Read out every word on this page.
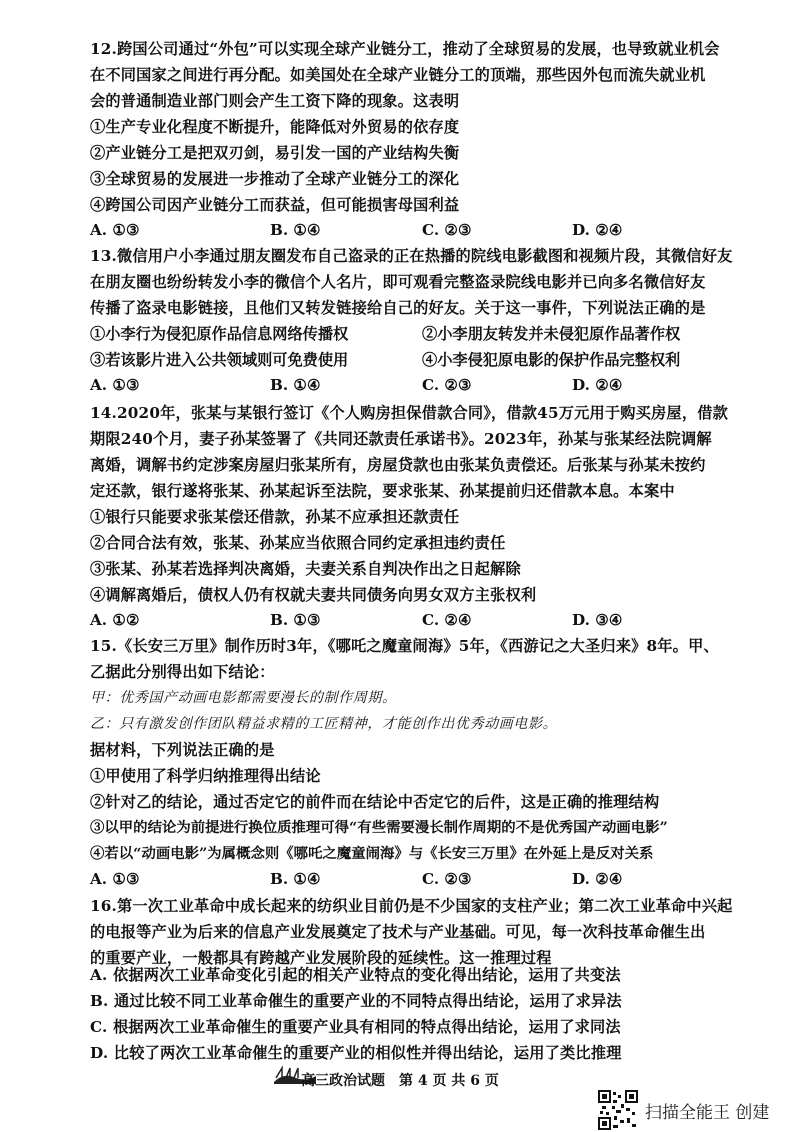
12.跨国公司通过“外包”可以实现全球产业链分工，推动了全球贸易的发展，也导致就业机会
在不同国家之间进行再分配。如美国处在全球产业链分工的顶端，那些因外包而流失就业机
会的普通制造业部门则会产生工资下降的现象。这表明
①生产专业化程度不断提升，能降低对外贸易的依存度
②产业链分工是把双刃剑，易引发一国的产业结构失衡
③全球贸易的发展进一步推动了全球产业链分工的深化
④跨国公司因产业链分工而获益，但可能损害母国利益
A. ①③	B. ①④	C. ②③	D. ②④
13.微信用户小李通过朋友圈发布自己盗录的正在热播的院线电影截图和视频片段，其微信好友
在朋友圈也纷纷转发小李的微信个人名片，即可观看完整盗录院线电影并已向多名微信好友
传播了盗录电影链接，且他们又转发链接给自己的好友。关于这一事件，下列说法正确的是
①小李行为侵犯原作品信息网络传播权	②小李朋友转发并未侵犯原作品著作权
③若该影片进入公共领域则可免费使用	④小李侵犯原电影的保护作品完整权利
A. ①③	B. ①④	C. ②③	D. ②④
14.2020年，张某与某银行签订《个人购房担保借款合同》，借款45万元用于购买房屋，借款
期限240个月，妻子孙某签署了《共同还款责任承诺书》。2023年，孙某与张某经法院调解
离婚，调解书约定涉案房屋归张某所有，房屋贷款也由张某负责偿还。后张某与孙某未按约
定还款，银行遂将张某、孙某起诉至法院，要求张某、孙某提前归还借款本息。本案中
①银行只能要求张某偿还借款，孙某不应承担还款责任
②合同合法有效，张某、孙某应当依照合同约定承担违约责任
③张某、孙某若选择判决离婚，夫妻关系自判决作出之日起解除
④调解离婚后，债权人仍有权就夫妻共同债务向男女双方主张权利
A. ①②	B. ①③	C. ②④	D. ③④
15.《长安三万里》制作历时3年，《哪吒之魔童闹海》5年，《西游记之大圣归来》8年。甲、
乙据此分别得出如下结论：
甲：优秀国产动画电影都需要漫长的制作周期。
乙：只有激发创作团队精益求精的工匠精神，才能创作出优秀动画电影。
据材料，下列说法正确的是
①甲使用了科学归纳推理得出结论
②针对乙的结论，通过否定它的前件而在结论中否定它的后件，这是正确的推理结构
③以甲的结论为前提进行换位质推理可得“有些需要漫长制作周期的不是优秀国产动画电影”
④若以“动画电影”为属概念则《哪吒之魔童闹海》与《长安三万里》在外延上是反对关系
A. ①③	B. ①④	C. ②③	D. ②④
16.第一次工业革命中成长起来的纺织业目前仍是不少国家的支柱产业；第二次工业革命中兴起
的电报等产业为后来的信息产业发展奠定了技术与产业基础。可见，每一次科技革命催生出
的重要产业，一般都具有跨越产业发展阶段的延续性。这一推理过程
A. 依据两次工业革命变化引起的相关产业特点的变化得出结论，运用了共变法
B. 通过比较不同工业革命催生的重要产业的不同特点得出结论，运用了求异法
高三政治试题　第 4 页 共 6 页
扫描全能王 创建
C. 根据两次工业革命催生的重要产业具有相同的特点得出结论，运用了求同法
D. 比较了两次工业革命催生的重要产业的相似性并得出结论，运用了类比推理
